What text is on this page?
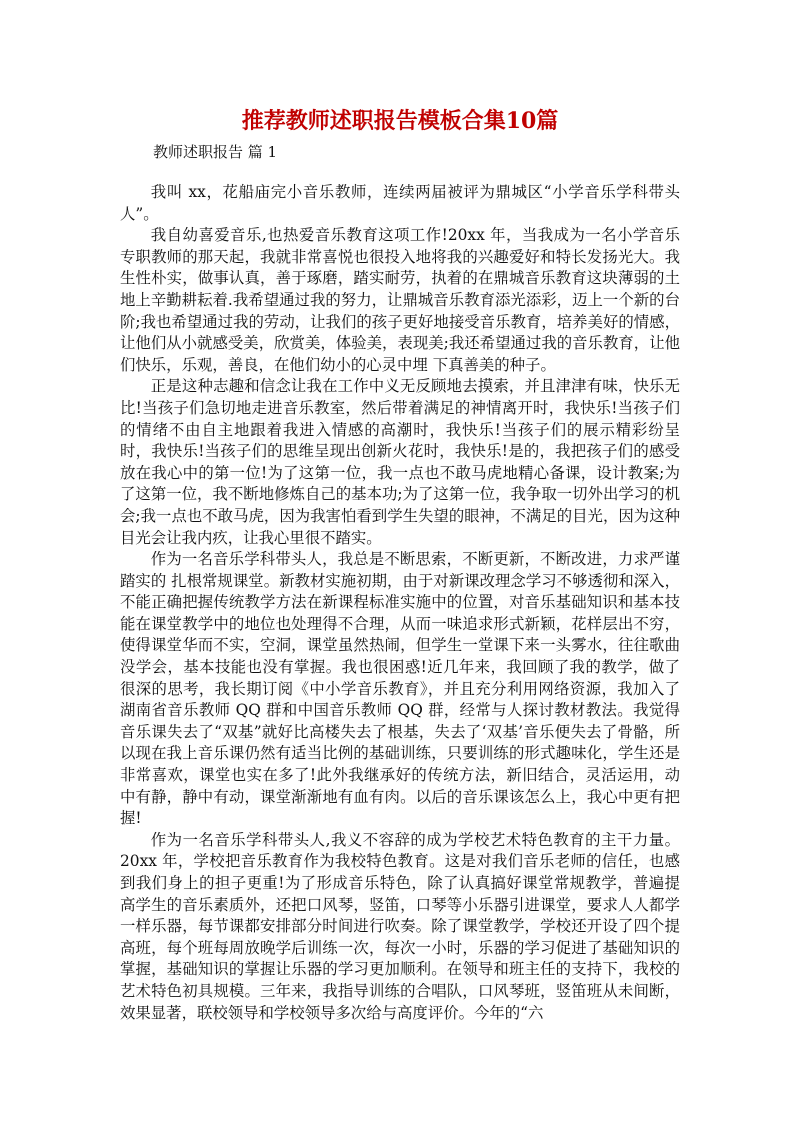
推荐教师述职报告模板合集10篇
教师述职报告 篇 1

我叫 xx，花船庙完小音乐教师，连续两届被评为鼎城区“小学音乐学科带头人”。

我自幼喜爱音乐,也热爱音乐教育这项工作!20xx 年，当我成为一名小学音乐专职教师的那天起，我就非常喜悦也很投入地将我的兴趣爱好和特长发扬光大。我生性朴实，做事认真，善于琢磨，踏实耐劳，执着的在鼎城音乐教育这块薄弱的土地上辛勤耕耘着.我希望通过我的努力，让鼎城音乐教育添光添彩，迈上一个新的台阶;我也希望通过我的劳动，让我们的孩子更好地接受音乐教育，培养美好的情感，让他们从小就感受美，欣赏美，体验美，表现美;我还希望通过我的音乐教育，让他们快乐，乐观，善良，在他们幼小的心灵中埋 下真善美的种子。

正是这种志趣和信念让我在工作中义无反顾地去摸索，并且津津有味，快乐无比!当孩子们急切地走进音乐教室，然后带着满足的神情离开时，我快乐!当孩子们的情绪不由自主地跟着我进入情感的高潮时，我快乐!当孩子们的展示精彩纷呈时，我快乐!当孩子们的思维呈现出创新火花时，我快乐!是的，我把孩子们的感受放在我心中的第一位!为了这第一位，我一点也不敢马虎地精心备课，设计教案;为了这第一位，我不断地修炼自己的基本功;为了这第一位，我争取一切外出学习的机会;我一点也不敢马虎，因为我害怕看到学生失望的眼神，不满足的目光，因为这种目光会让我内疚，让我心里很不踏实。

作为一名音乐学科带头人，我总是不断思索，不断更新，不断改进，力求严谨踏实的 扎根常规课堂。新教材实施初期，由于对新课改理念学习不够透彻和深入，不能正确把握传统教学方法在新课程标准实施中的位置，对音乐基础知识和基本技能在课堂教学中的地位也处理得不合理，从而一味追求形式新颖，花样层出不穷，使得课堂华而不实，空洞，课堂虽然热闹，但学生一堂课下来一头雾水，往往歌曲没学会，基本技能也没有掌握。我也很困惑!近几年来，我回顾了我的教学，做了很深的思考，我长期订阅《中小学音乐教育》，并且充分利用网络资源，我加入了湖南省音乐教师 QQ 群和中国音乐教师 QQ 群，经常与人探讨教材教法。我觉得音乐课失去了“双基”就好比高楼失去了根基，失去了‘双基’音乐便失去了骨骼，所以现在我上音乐课仍然有适当比例的基础训练，只要训练的形式趣味化，学生还是非常喜欢，课堂也实在多了!此外我继承好的传统方法，新旧结合，灵活运用，动中有静，静中有动，课堂渐渐地有血有肉。以后的音乐课该怎么上，我心中更有把握!

作为一名音乐学科带头人,我义不容辞的成为学校艺术特色教育的主干力量。20xx 年，学校把音乐教育作为我校特色教育。这是对我们音乐老师的信任，也感到我们身上的担子更重!为了形成音乐特色，除了认真搞好课堂常规教学，普遍提高学生的音乐素质外，还把口风琴，竖笛，口琴等小乐器引进课堂，要求人人都学一样乐器，每节课都安排部分时间进行吹奏。除了课堂教学，学校还开设了四个提高班，每个班每周放晚学后训练一次，每次一小时，乐器的学习促进了基础知识的掌握，基础知识的掌握让乐器的学习更加顺利。在领导和班主任的支持下，我校的艺术特色初具规模。三年来，我指导训练的合唱队，口风琴班，竖笛班从未间断，效果显著，联校领导和学校领导多次给与高度评价。今年的“六
